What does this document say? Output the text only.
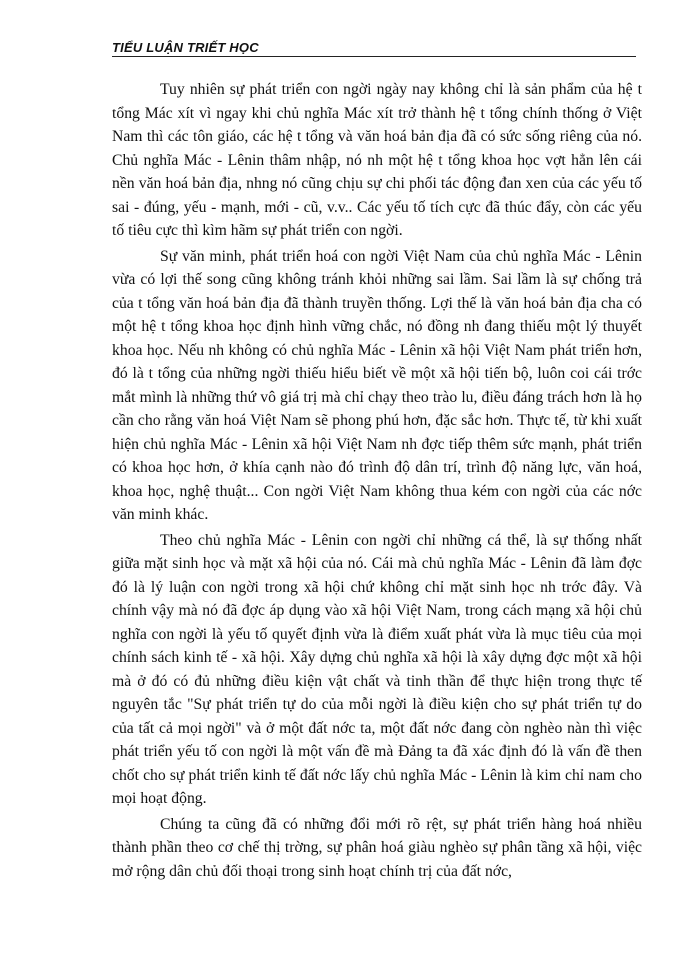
TIỂU LUẬN TRIẾT HỌC

Tuy nhiên sự phát triển con ngời ngày nay không chỉ là sản phẩm của hệ t tổng Mác xít vì ngay khi chủ nghĩa Mác xít trở thành hệ t tổng chính thống ở Việt Nam thì các tôn giáo, các hệ t tổng và văn hoá bản địa đã có sức sống riêng của nó. Chủ nghĩa Mác - Lênin thâm nhập, nó nh một hệ t tổng khoa học vợt hẳn lên cái nền văn hoá bản địa, nhng nó cũng chịu sự chi phối tác động đan xen của các yếu tố sai - đúng, yếu - mạnh, mới - cũ, v.v.. Các yếu tố tích cực đã thúc đẩy, còn các yếu tố tiêu cực thì kìm hãm sự phát triển con ngời.

Sự văn minh, phát triển hoá con ngời Việt Nam của chủ nghĩa Mác - Lênin vừa có lợi thế song cũng không tránh khỏi những sai lầm. Sai lầm là sự chống trả của t tổng văn hoá bản địa đã thành truyền thống. Lợi thế là văn hoá bản địa cha có một hệ t tổng khoa học định hình vững chắc, nó đồng nh đang thiếu một lý thuyết khoa học. Nếu nh không có chủ nghĩa Mác - Lênin xã hội Việt Nam phát triển hơn, đó là t tổng của những ngời thiếu hiểu biết về một xã hội tiến bộ, luôn coi cái trớc mắt mình là những thứ vô giá trị mà chỉ chạy theo trào lu, điều đáng trách hơn là họ cần cho rằng văn hoá Việt Nam sẽ phong phú hơn, đặc sắc hơn. Thực tế, từ khi xuất hiện chủ nghĩa Mác - Lênin xã hội Việt Nam nh đợc tiếp thêm sức mạnh, phát triển có khoa học hơn, ở khía cạnh nào đó trình độ dân trí, trình độ năng lực, văn hoá, khoa học, nghệ thuật... Con ngời Việt Nam không thua kém con ngời của các nớc văn minh khác.

Theo chủ nghĩa Mác - Lênin con ngời chỉ những cá thể, là sự thống nhất giữa mặt sinh học và mặt xã hội của nó. Cái mà chủ nghĩa Mác - Lênin đã làm đợc đó là lý luận con ngời trong xã hội chứ không chỉ mặt sinh học nh trớc đây. Và chính vậy mà nó đã đợc áp dụng vào xã hội Việt Nam, trong cách mạng xã hội chủ nghĩa con ngời là yếu tố quyết định vừa là điểm xuất phát vừa là mục tiêu của mọi chính sách kinh tế - xã hội. Xây dựng chủ nghĩa xã hội là xây dựng đợc một xã hội mà ở đó có đủ những điều kiện vật chất và tinh thần để thực hiện trong thực tế nguyên tắc "Sự phát triển tự do của mỗi ngời là điều kiện cho sự phát triển tự do của tất cả mọi ngời" và ở một đất nớc ta, một đất nớc đang còn nghèo nàn thì việc phát triển yếu tố con ngời là một vấn đề mà Đảng ta đã xác định đó là vấn đề then chốt cho sự phát triển kinh tế đất nớc lấy chủ nghĩa Mác - Lênin là kim chỉ nam cho mọi hoạt động.

Chúng ta cũng đã có những đổi mới rõ rệt, sự phát triển hàng hoá nhiều thành phần theo cơ chế thị trờng, sự phân hoá giàu nghèo sự phân tầng xã hội, việc mở rộng dân chủ đối thoại trong sinh hoạt chính trị của đất nớc,
